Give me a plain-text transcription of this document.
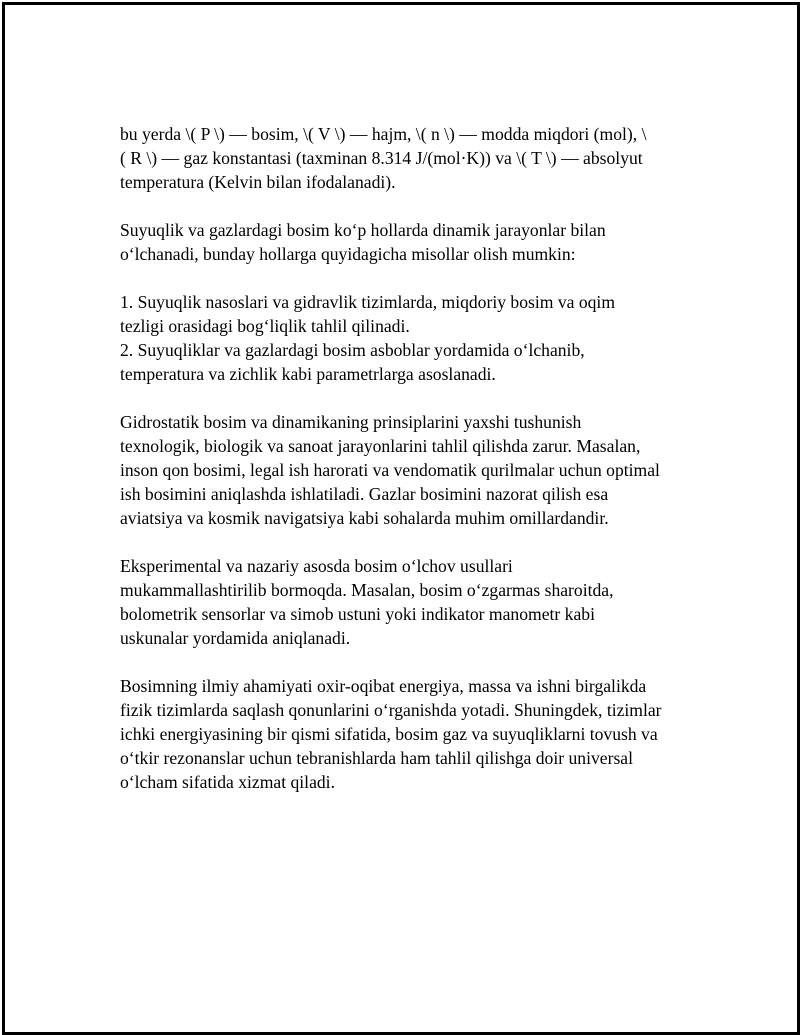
bu yerda \( P \) — bosim, \( V \) — hajm, \( n \) — modda miqdori (mol), \
( R \) — gaz konstantasi (taxminan 8.314 J/(mol·K)) va \( T \) — absolyut
temperatura (Kelvin bilan ifodalanadi).

Suyuqlik va gazlardagi bosim ko‘p hollarda dinamik jarayonlar bilan
o‘lchanadi, bunday hollarga quyidagicha misollar olish mumkin:

1. Suyuqlik nasoslari va gidravlik tizimlarda, miqdoriy bosim va oqim
tezligi orasidagi bog‘liqlik tahlil qilinadi.
2. Suyuqliklar va gazlardagi bosim asboblar yordamida o‘lchanib,
temperatura va zichlik kabi parametrlarga asoslanadi.

Gidrostatik bosim va dinamikaning prinsiplarini yaxshi tushunish
texnologik, biologik va sanoat jarayonlarini tahlil qilishda zarur. Masalan,
inson qon bosimi, legal ish harorati va vendomatik qurilmalar uchun optimal
ish bosimini aniqlashda ishlatiladi. Gazlar bosimini nazorat qilish esa
aviatsiya va kosmik navigatsiya kabi sohalarda muhim omillardandir.

Eksperimental va nazariy asosda bosim o‘lchov usullari
mukammallashtirilib bormoqda. Masalan, bosim o‘zgarmas sharoitda,
bolometrik sensorlar va simob ustuni yoki indikator manometr kabi
uskunalar yordamida aniqlanadi.

Bosimning ilmiy ahamiyati oxir-oqibat energiya, massa va ishni birgalikda
fizik tizimlarda saqlash qonunlarini o‘rganishda yotadi. Shuningdek, tizimlar
ichki energiyasining bir qismi sifatida, bosim gaz va suyuqliklarni tovush va
o‘tkir rezonanslar uchun tebranishlarda ham tahlil qilishga doir universal
o‘lcham sifatida xizmat qiladi.
